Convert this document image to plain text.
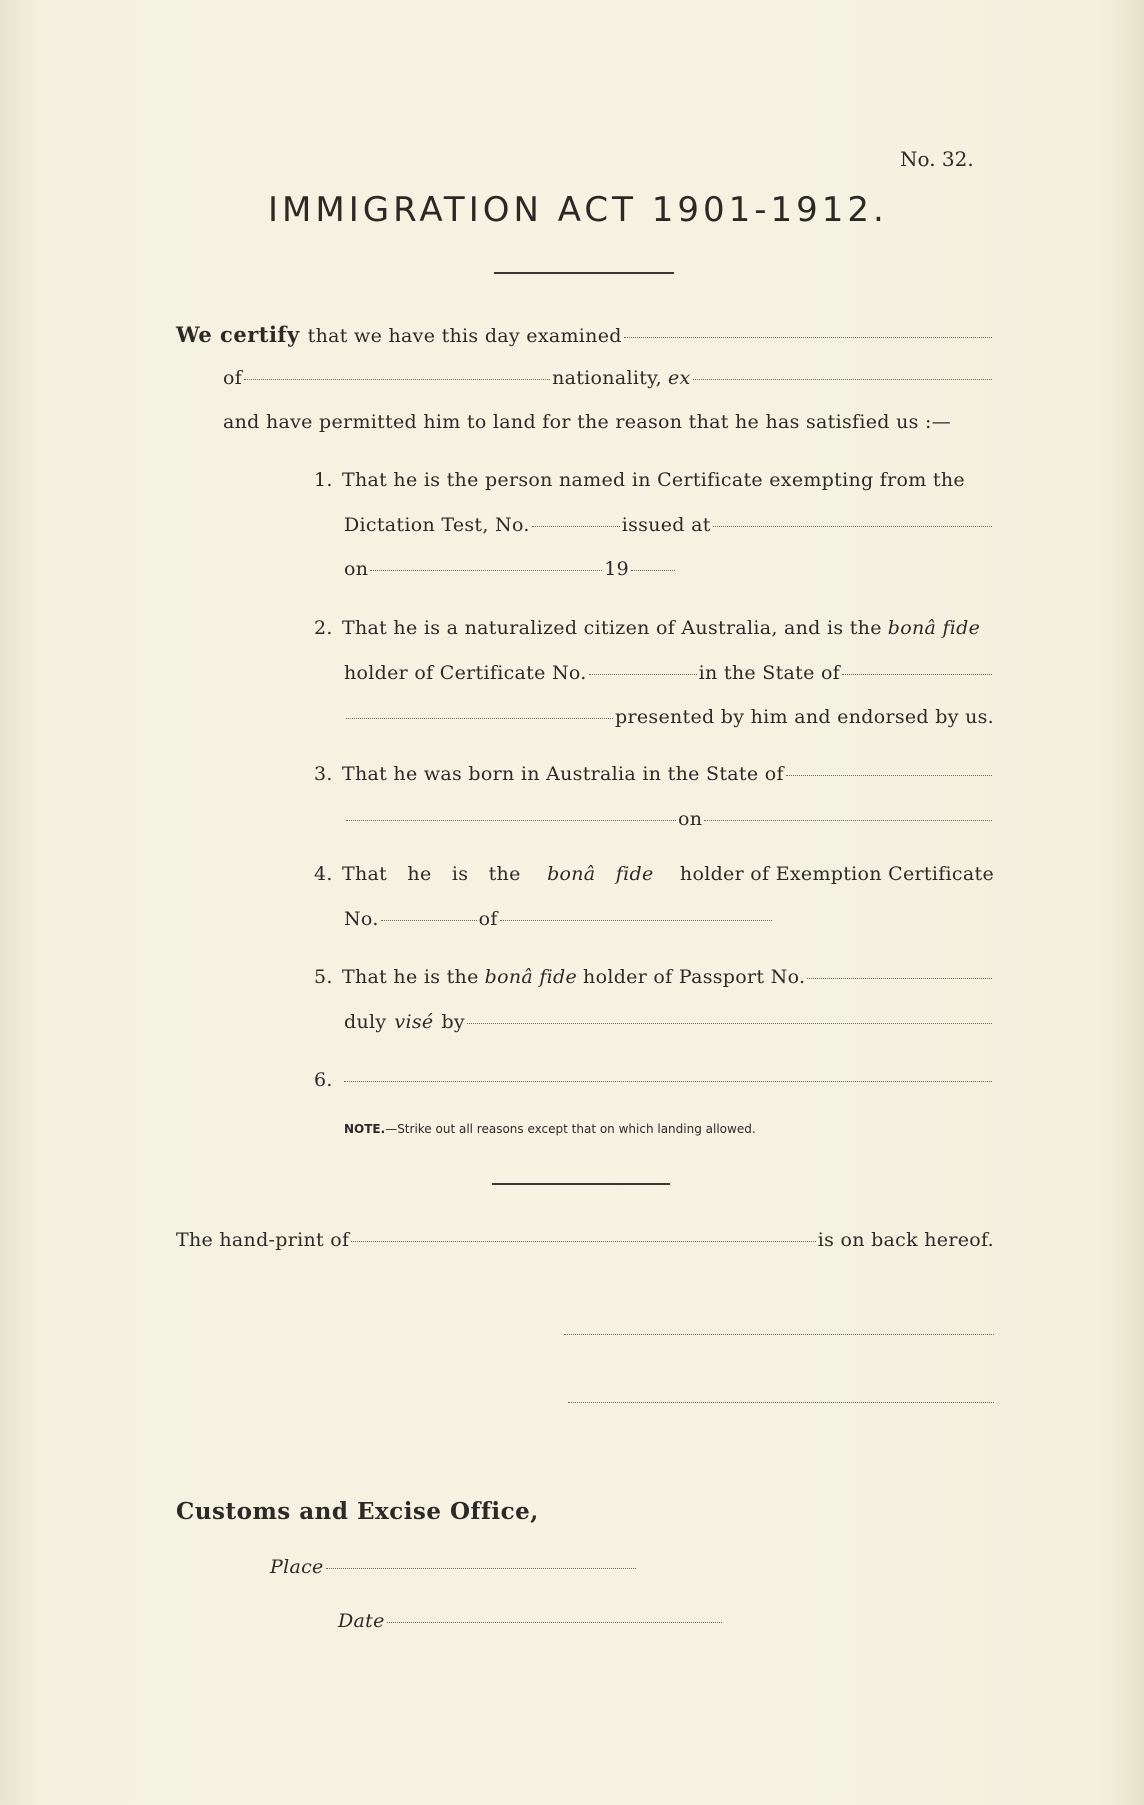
No. 32.
IMMIGRATION ACT 1901-1912.
We certify that we have this day examined
of	nationality, ex
and have permitted him to land for the reason that he has satisfied us :—
1. That he is the person named in Certificate exempting from the
Dictation Test, No.	issued at
on	19
2. That he is a naturalized citizen of Australia, and is the bonâ fide
holder of Certificate No.	in the State of
presented by him and endorsed by us.
3. That he was born in Australia in the State of
on
4. That he is the bonâ fide holder of Exemption Certificate
No.	of
5. That he is the bonâ fide holder of Passport No.
duly visé by
6.
NOTE.—Strike out all reasons except that on which landing allowed.
The hand-print of	is on back hereof.
Customs and Excise Office,
Place
Date
